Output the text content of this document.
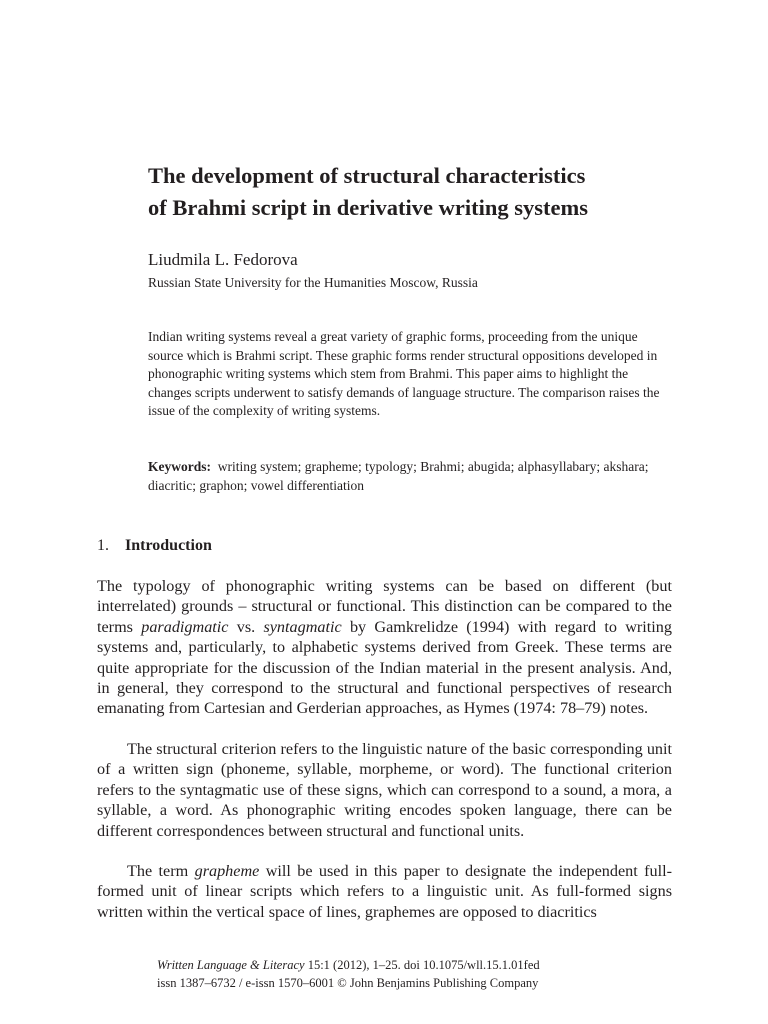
The development of structural characteristics
of Brahmi script in derivative writing systems
Liudmila L. Fedorova
Russian State University for the Humanities Moscow, Russia

Indian writing systems reveal a great variety of graphic forms, proceeding from the unique source which is Brahmi script. These graphic forms render structural oppositions developed in phonographic writing systems which stem from Brahmi. This paper aims to highlight the changes scripts underwent to satisfy demands of language structure. The comparison raises the issue of the complexity of writing systems.

Keywords: writing system; grapheme; typology; Brahmi; abugida; alphasyllabary; akshara; diacritic; graphon; vowel differentiation

1. Introduction

The typology of phonographic writing systems can be based on different (but interrelated) grounds – structural or functional. This distinction can be compared to the terms paradigmatic vs. syntagmatic by Gamkrelidze (1994) with regard to writing systems and, particularly, to alphabetic systems derived from Greek. These terms are quite appropriate for the discussion of the Indian material in the present analysis. And, in general, they correspond to the structural and functional perspectives of research emanating from Cartesian and Gerderian approaches, as Hymes (1974: 78–79) notes.

The structural criterion refers to the linguistic nature of the basic corresponding unit of a written sign (phoneme, syllable, morpheme, or word). The functional criterion refers to the syntagmatic use of these signs, which can correspond to a sound, a mora, a syllable, a word. As phonographic writing encodes spoken language, there can be different correspondences between structural and functional units.

The term grapheme will be used in this paper to designate the independent full-formed unit of linear scripts which refers to a linguistic unit. As full-formed signs written within the vertical space of lines, graphemes are opposed to diacritics

Written Language & Literacy 15:1 (2012), 1–25. doi 10.1075/wll.15.1.01fed
issn 1387–6732 / e-issn 1570–6001 © John Benjamins Publishing Company
